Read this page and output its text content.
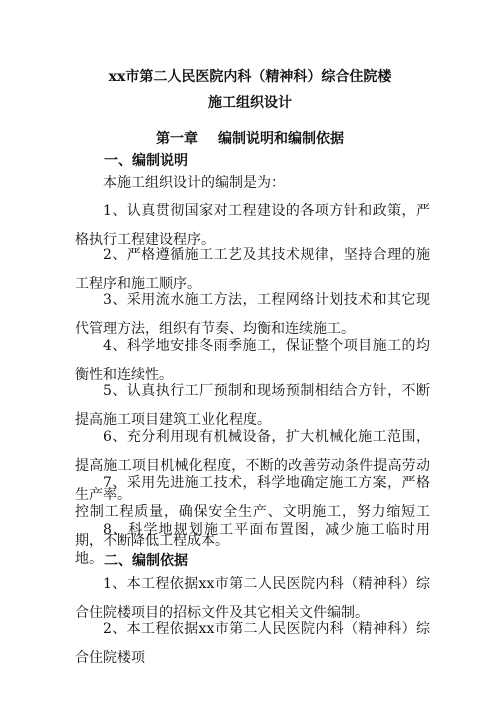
xx市第二人民医院内科（精神科）综合住院楼
施工组织设计
第一章 编制说明和编制依据
一、编制说明
本施工组织设计的编制是为：
1、认真贯彻国家对工程建设的各项方针和政策，严格执行工程建设程序。
2、严格遵循施工工艺及其技术规律，坚持合理的施工程序和施工顺序。
3、采用流水施工方法，工程网络计划技术和其它现代管理方法，组织有节奏、均衡和连续施工。
4、科学地安排冬雨季施工，保证整个项目施工的均衡性和连续性。
5、认真执行工厂预制和现场预制相结合方针，不断提高施工项目建筑工业化程度。
6、充分利用现有机械设备，扩大机械化施工范围，提高施工项目机械化程度，不断的改善劳动条件提高劳动生产率。
7、采用先进施工技术，科学地确定施工方案，严格控制工程质量，确保安全生产、文明施工，努力缩短工期，不断降低工程成本。
8、科学地规划施工平面布置图，减少施工临时用地。 二、编制依据
1、本工程依据xx市第二人民医院内科（精神科）综合住院楼项目的招标文件及其它相关文件编制。
2、本工程依据xx市第二人民医院内科（精神科）综合住院楼项
